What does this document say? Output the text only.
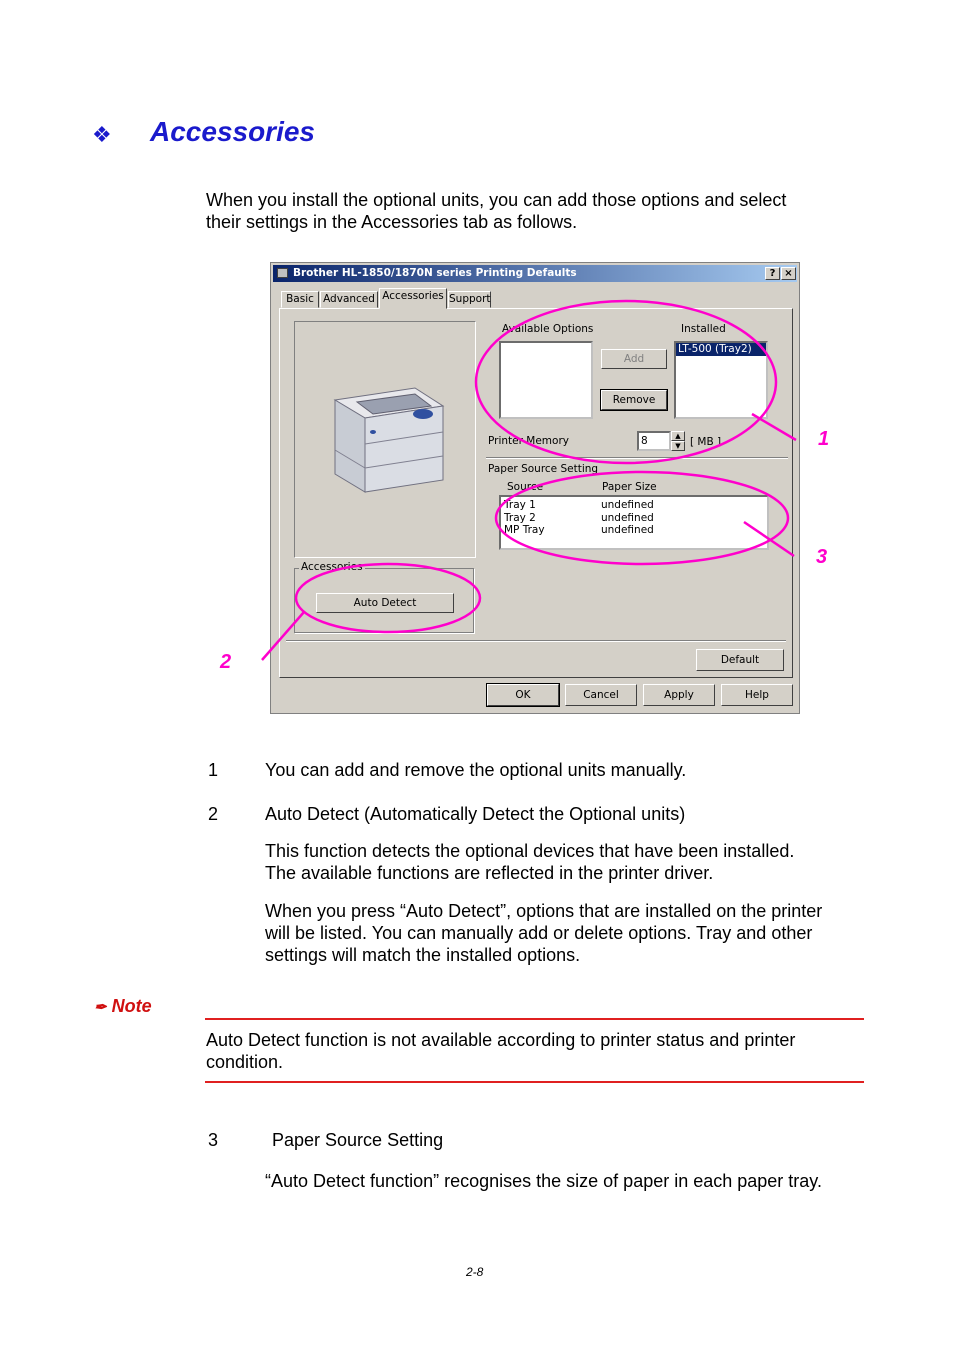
❖ Accessories
When you install the optional units, you can add those options and select
their settings in the Accessories tab as follows.
Brother HL-1850/1870N series Printing Defaults	? ×
Basic Advanced Accessories Support
Available Options
Add
Remove
Installed
LT-500 (Tray2)
Printer Memory	8	▲
▼ [ MB ]
Paper Source Setting
Source	Paper Size
Tray 1	undefined
Tray 2	undefined
MP Tray	undefined
Accessories
Auto Detect
Default
OK	Cancel	Apply	Help
1
2
3
1	You can add and remove the optional units manually.
2	Auto Detect (Automatically Detect the Optional units)
This function detects the optional devices that have been installed.
The available functions are reflected in the printer driver.
When you press “Auto Detect”, options that are installed on the printer
will be listed. You can manually add or delete options. Tray and other
settings will match the installed options.
✒ Note
Auto Detect function is not available according to printer status and printer
condition.
3	Paper Source Setting
“Auto Detect function” recognises the size of paper in each paper tray.
2-8
